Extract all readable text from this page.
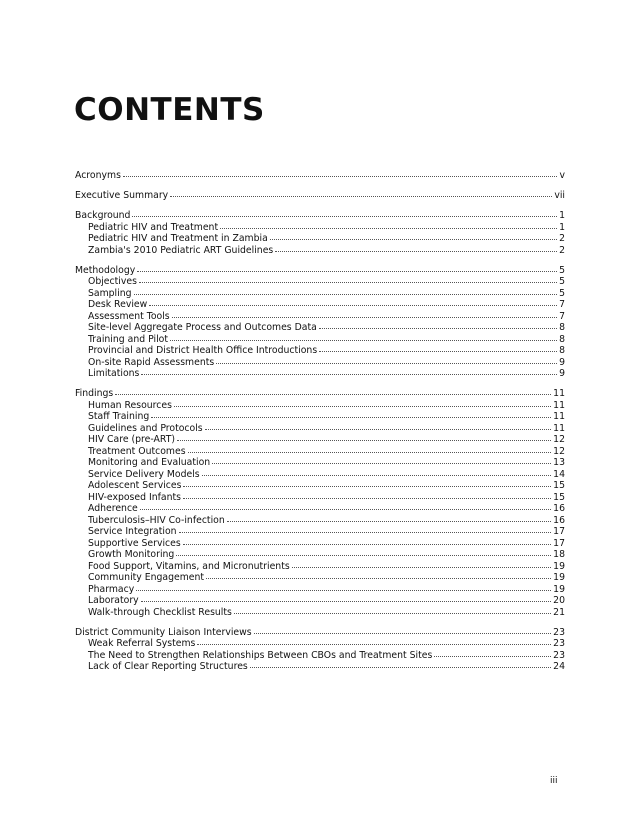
CONTENTS
Acronyms	v
Executive Summary	vii
Background	1
Pediatric HIV and Treatment	1
Pediatric HIV and Treatment in Zambia	2
Zambia's 2010 Pediatric ART Guidelines	2
Methodology	5
Objectives	5
Sampling	5
Desk Review	7
Assessment Tools	7
Site-level Aggregate Process and Outcomes Data	8
Training and Pilot	8
Provincial and District Health Office Introductions	8
On-site Rapid Assessments	9
Limitations	9
Findings	11
Human Resources	11
Staff Training	11
Guidelines and Protocols	11
HIV Care (pre-ART)	12
Treatment Outcomes	12
Monitoring and Evaluation	13
Service Delivery Models	14
Adolescent Services	15
HIV-exposed Infants	15
Adherence	16
Tuberculosis–HIV Co-infection	16
Service Integration	17
Supportive Services	17
Growth Monitoring	18
Food Support, Vitamins, and Micronutrients	19
Community Engagement	19
Pharmacy	19
Laboratory	20
Walk-through Checklist Results	21
District Community Liaison Interviews	23
Weak Referral Systems	23
The Need to Strengthen Relationships Between CBOs and Treatment Sites	23
Lack of Clear Reporting Structures	24
iii
